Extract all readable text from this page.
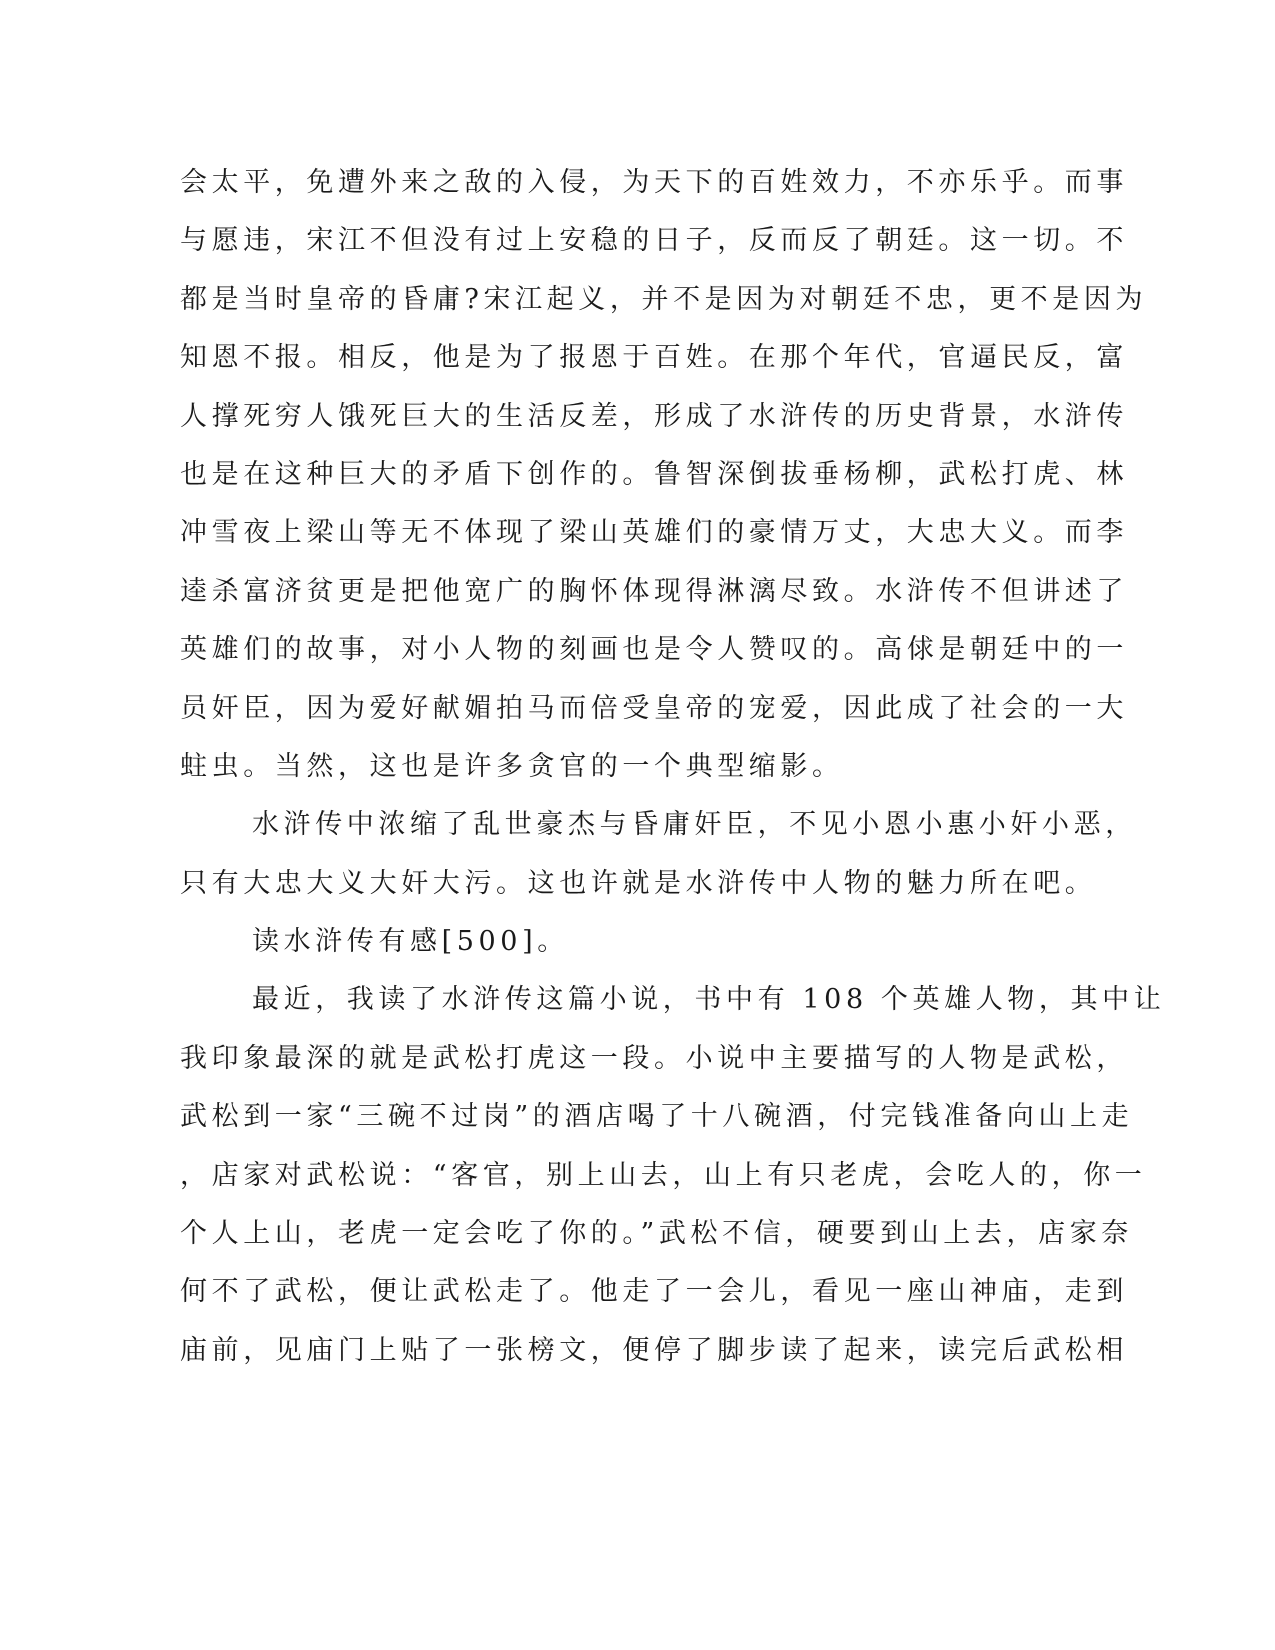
会太平，免遭外来之敌的入侵，为天下的百姓效力，不亦乐乎。而事
与愿违，宋江不但没有过上安稳的日子，反而反了朝廷。这一切。不
都是当时皇帝的昏庸?宋江起义，并不是因为对朝廷不忠，更不是因为
知恩不报。相反，他是为了报恩于百姓。在那个年代，官逼民反，富
人撑死穷人饿死巨大的生活反差，形成了水浒传的历史背景，水浒传
也是在这种巨大的矛盾下创作的。鲁智深倒拔垂杨柳，武松打虎、林
冲雪夜上梁山等无不体现了梁山英雄们的豪情万丈，大忠大义。而李
逵杀富济贫更是把他宽广的胸怀体现得淋漓尽致。水浒传不但讲述了
英雄们的故事，对小人物的刻画也是令人赞叹的。高俅是朝廷中的一
员奸臣，因为爱好献媚拍马而倍受皇帝的宠爱，因此成了社会的一大
蛀虫。当然，这也是许多贪官的一个典型缩影。
水浒传中浓缩了乱世豪杰与昏庸奸臣，不见小恩小惠小奸小恶，
只有大忠大义大奸大污。这也许就是水浒传中人物的魅力所在吧。
读水浒传有感[500]。
最近，我读了水浒传这篇小说，书中有 108 个英雄人物，其中让
我印象最深的就是武松打虎这一段。小说中主要描写的人物是武松，
武松到一家“三碗不过岗”的酒店喝了十八碗酒，付完钱准备向山上走
，店家对武松说：“客官，别上山去，山上有只老虎，会吃人的，你一
个人上山，老虎一定会吃了你的。”武松不信，硬要到山上去，店家奈
何不了武松，便让武松走了。他走了一会儿，看见一座山神庙，走到
庙前，见庙门上贴了一张榜文，便停了脚步读了起来，读完后武松相
